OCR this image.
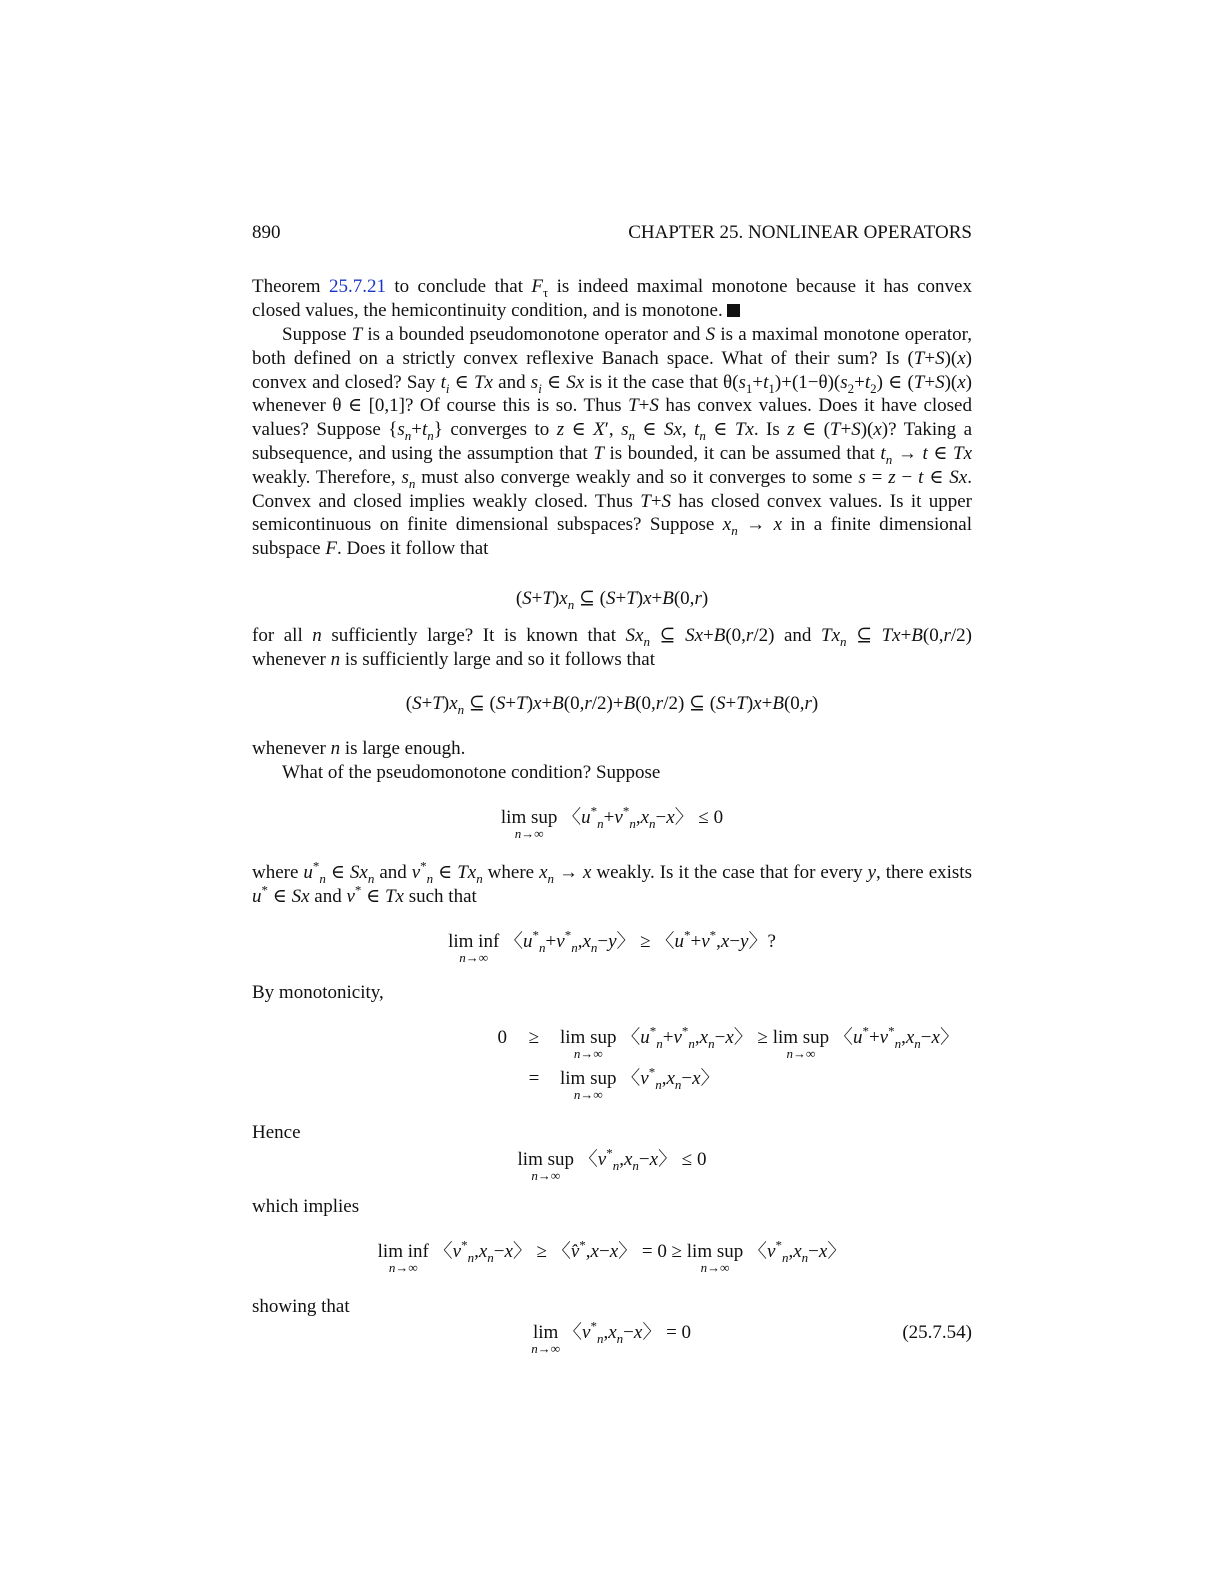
890	CHAPTER 25. NONLINEAR OPERATORS
Theorem 25.7.21 to conclude that $F_\tau$ is indeed maximal monotone because it has convex closed values, the hemicontinuity condition, and is monotone.
Suppose T is a bounded pseudomonotone operator and S is a maximal monotone operator, both defined on a strictly convex reflexive Banach space. What of their sum? Is (T+S)(x) convex and closed? Say $t_i$ ∈ Tx and $s_i$ ∈ Sx is it the case that $\theta(s_1+t_1)+(1-\theta)(s_2+t_2)$ ∈ (T+S)(x) whenever θ ∈ [0,1]? Of course this is so. Thus T+S has convex values. Does it have closed values? Suppose $\{s_n+t_n\}$ converges to z ∈ X′, $s_n$ ∈ Sx, $t_n$ ∈ Tx. Is z ∈ (T+S)(x)? Taking a subsequence, and using the assumption that T is bounded, it can be assumed that $t_n \to t$ ∈ Tx weakly. Therefore, $s_n$ must also converge weakly and so it converges to some s = z − t ∈ Sx. Convex and closed implies weakly closed. Thus T+S has closed convex values. Is it upper semicontinuous on finite dimensional subspaces? Suppose $x_n \to x$ in a finite dimensional subspace F. Does it follow that
$(S+T)x_n$ ⊆ (S+T)x+B(0,r)
for all n sufficiently large? It is known that $Sx_n$ ⊆ Sx+B(0,r/2) and $Tx_n$ ⊆ Tx+B(0,r/2) whenever n is sufficiently large and so it follows that
$(S+T)x_n$ ⊆ (S+T)x+B(0,r/2)+B(0,r/2) ⊆ (S+T)x+B(0,r)
whenever n is large enough.
What of the pseudomonotone condition? Suppose
lim sup
n→∞
〈$u^*_n+v^*_n,x_n-x$〉 ≤ 0
where $u^*_n$ ∈ $Sx_n$ and $v^*_n$ ∈ $Tx_n$ where $x_n \to x$ weakly. Is it the case that for every y, there exists u* ∈ Sx and v* ∈ Tx such that
lim inf
n→∞
〈$u^*_n+v^*_n,x_n-y$〉 ≥ 〈u*+v*,x−y〉?
By monotonicity,
0 ≥ lim sup
n→∞
〈$u^*_n+v^*_n,x_n-x$〉 ≥ lim sup
n→∞
〈$u^*+v^*_n,x_n-x$〉
= lim sup
n→∞
〈$v^*_n,x_n-x$〉
Hence
lim sup
n→∞
〈$v^*_n,x_n-x$〉 ≤ 0
which implies
lim inf
n→∞
〈$v^*_n,x_n-x$〉 ≥ 〈v̂*,x−x〉 = 0 ≥ lim sup
n→∞
〈$v^*_n,x_n-x$〉
showing that
lim
n→∞
〈$v^*_n,x_n-x$〉 = 0	(25.7.54)
